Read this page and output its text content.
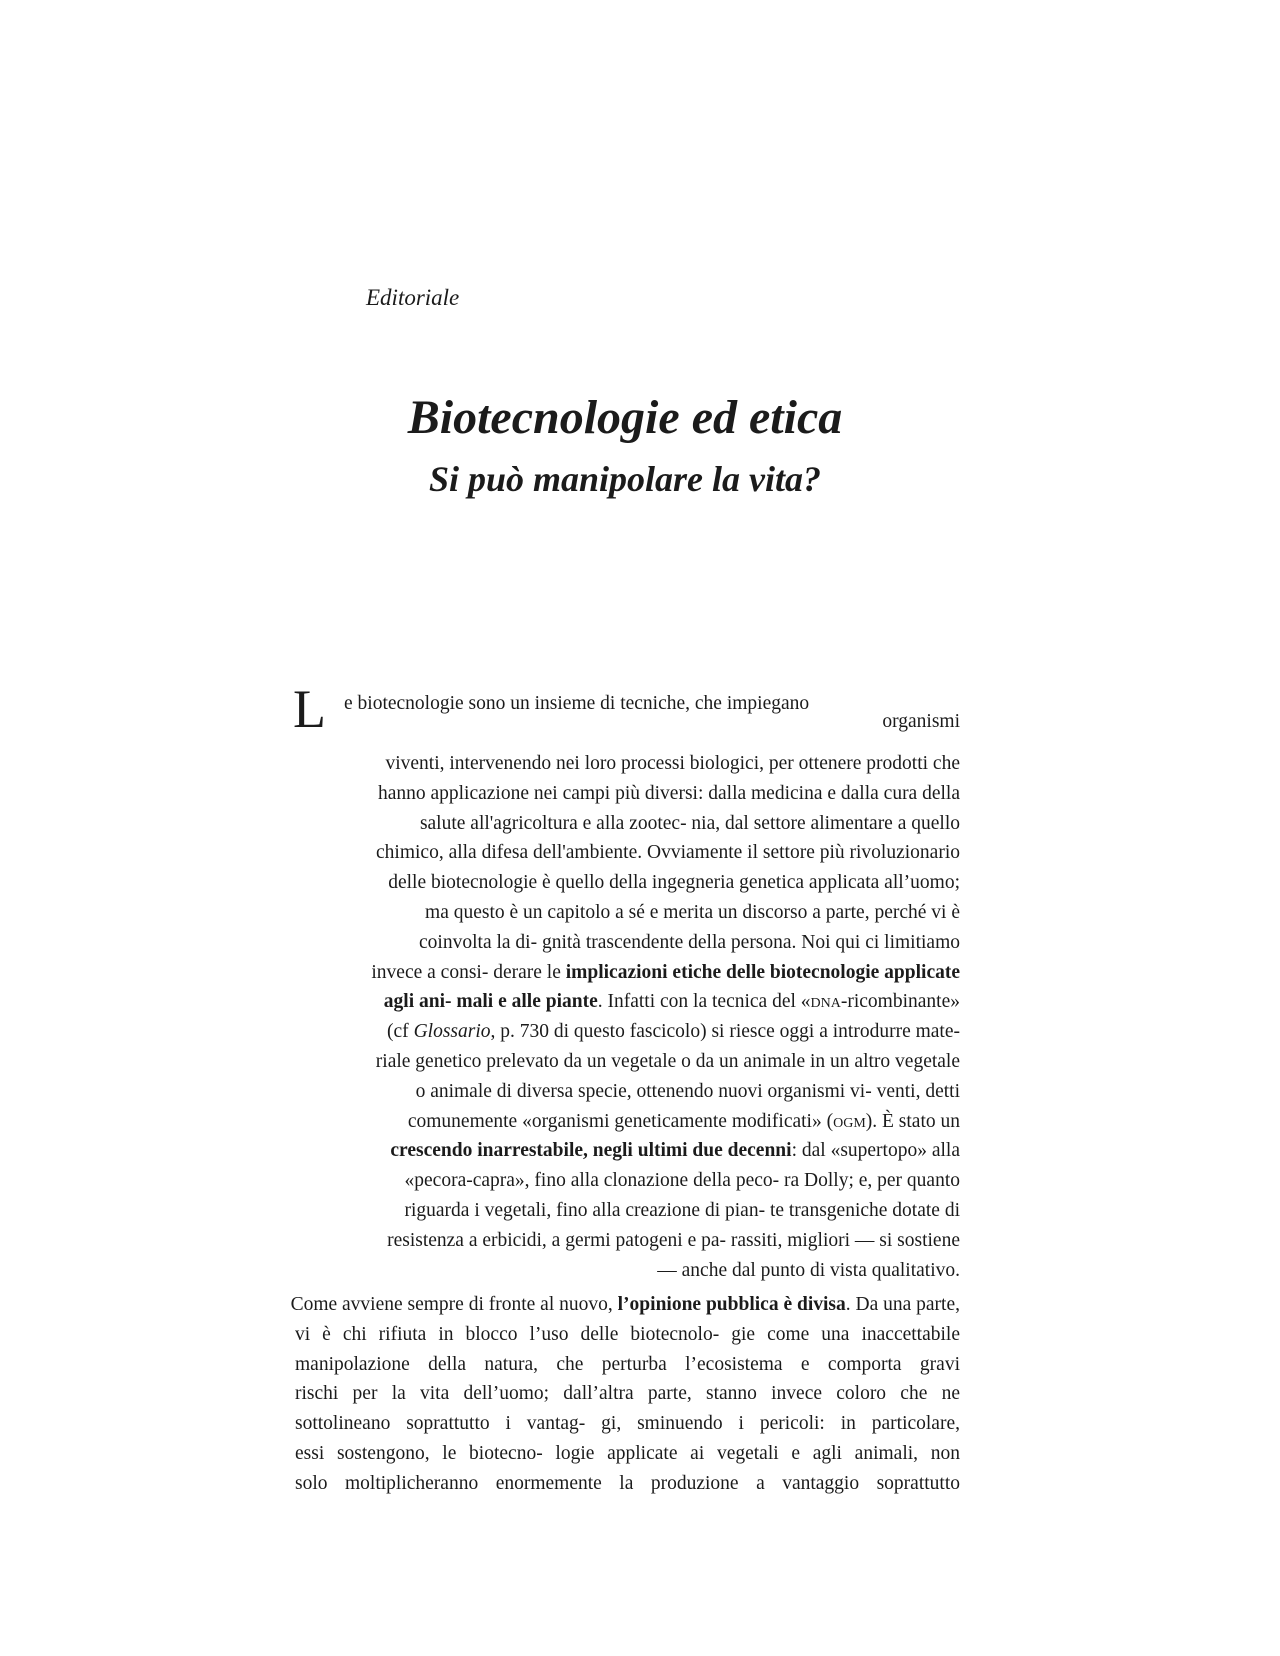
Editoriale
Biotecnologie ed etica
Si può manipolare la vita?
L e biotecnologie sono un insieme di tecniche, che impiegano
organismi
viventi, intervenendo nei loro processi biologici, per ottenere prodotti che
hanno applicazione nei campi più diversi: dalla medicina e dalla cura della
salute all'agricoltura e alla zootec- nia, dal settore alimentare a quello
chimico, alla difesa dell'ambiente. Ovviamente il settore più rivoluzionario
delle biotecnologie è quello della ingegneria genetica applicata all’uomo;
ma questo è un capitolo a sé e merita un discorso a parte, perché vi è
coinvolta la di- gnità trascendente della persona. Noi qui ci limitiamo
invece a consi- derare le implicazioni etiche delle biotecnologie applicate
agli ani- mali e alle piante. Infatti con la tecnica del «dna-ricombinante»
(cf Glossario, p. 730 di questo fascicolo) si riesce oggi a introdurre mate-
riale genetico prelevato da un vegetale o da un animale in un altro vegetale
o animale di diversa specie, ottenendo nuovi organismi vi- venti, detti
comunemente «organismi geneticamente modificati» (ogm). È stato un
crescendo inarrestabile, negli ultimi due decenni: dal «supertopo» alla
«pecora-capra», fino alla clonazione della peco- ra Dolly; e, per quanto
riguarda i vegetali, fino alla creazione di pian- te transgeniche dotate di
resistenza a erbicidi, a germi patogeni e pa- rassiti, migliori — si sostiene
— anche dal punto di vista qualitativo.
Come avviene sempre di fronte al nuovo, l’opinione pubblica è divisa. Da una parte,
vi è chi rifiuta in blocco l’uso delle biotecnolo- gie come una inaccettabile
manipolazione della natura, che perturba l’ecosistema e comporta gravi
rischi per la vita dell’uomo; dall’altra parte, stanno invece coloro che ne
sottolineano soprattutto i vantag- gi, sminuendo i pericoli: in particolare,
essi sostengono, le biotecno- logie applicate ai vegetali e agli animali, non
solo moltiplicheranno enormemente la produzione a vantaggio soprattutto
